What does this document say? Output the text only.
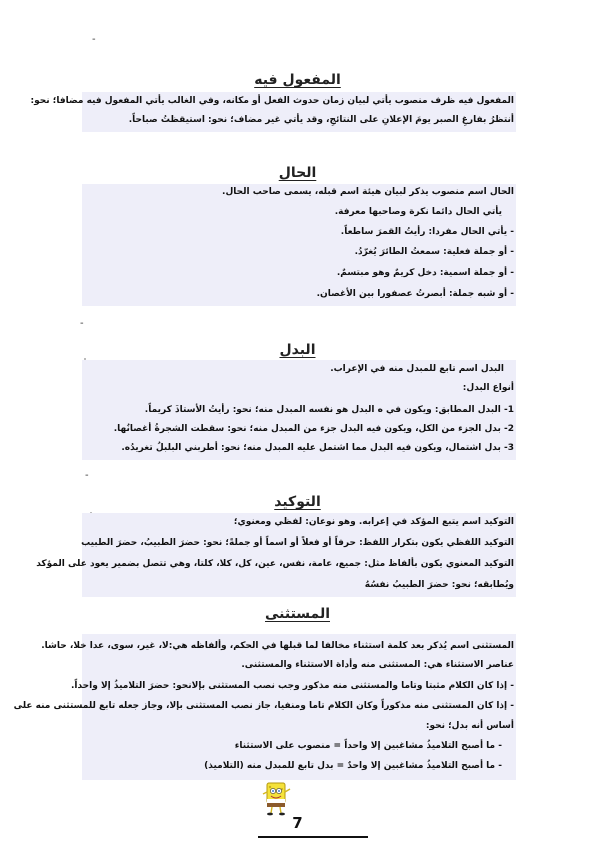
-
-
-
المفعول فيه
المفعول فيه ظرف منصوب يأتي لبيان زمان حدوث الفعل أو مكانه، وفي الغالب يأتي المفعول فيه مضافا؛ نحو:
أنتظرُ بفارغِ الصبر يومَ الإعلانِ على النتائجِ، وقد يأتي غير مضاف؛ نحو: استيقظتُ صباحاً.
الحال
الحال اسم منصوب يذكر لبيان هيئة اسم قبله، يسمى صاحب الحال.
يأتي الحال دائما نكرة وصاحبها معرفة.
- يأتي الحال مفردا: رأيتُ القمرَ ساطعاً.
- أو جملة فعلية: سمعتُ الطائرَ يُغرّدُ.
- أو جملة اسمية: دخل كريمٌ وهو مبتسمٌ.
- أو شبه جملة: أبصرتُ عصفورا بين الأغصان.
البدل
البدل اسم تابع للمبدل منه في الإعراب.
أنواع البدل:
1- البدل المطابق: ويكون في ه البدل هو نفسه المبدل منه؛ نحو: رأيتُ الأستاذَ كريماً.
2- بدل الجزء من الكل، ويكون فيه البدل جزء من المبدل منه؛ نحو: سقطت الشجرةُ أغصانُها.
3- بدل اشتمال، ويكون فيه البدل مما اشتمل عليه المبدل منه؛ نحو: أطربني البلبلُ تغريدُه.
التوكيد
التوكيد اسم يتبع المؤكد في إعرابه. وهو نوعان: لفظي ومعنوي؛
التوكيد اللفظي يكون بتكرار اللفظ: حرفاً أو فعلاً أو اسماً أو جملةً؛ نحو: حضرَ الطبيبُ، حضرَ الطبيب
التوكيد المعنوي يكون بألفاظ مثل: جميع، عامة، نفس، عين، كل، كلا، كلتا، وهي تتصل بضمير يعود على المؤكد
ويُطابقه؛ نحو: حضرَ الطبيبُ نفسُهُ
المستثنى
المستثنى اسم يُذكر بعد كلمة استثناء مخالفا لما قبلها في الحكم، وألفاظه هي:لا، غير، سوى، عدا خلا، حاشا.
عناصر الاستثناء هي: المستثنى منه وأداة الاستثناء والمستثنى.
- إذا كان الكلام مثبتا وتاما والمستثنى منه مذكور وجب نصب المستثنى بإلانحو: حضرَ التلاميذُ إلا واحداً.
- إذا كان المستثنى منه مذكوراً وكان الكلام تاما ومنفيا، جاز نصب المستثنى بإلا، وجاز جعله تابع للمستثنى منه على
أساس أنه بدل؛ نحو:
- ما أصبح التلاميذُ مشاغبين إلا واحداً = منصوب على الاستثناء
- ما أصبح التلاميذُ مشاغبين إلا واحدٌ = بدل تابع للمبدل منه (التلاميذ)
7
